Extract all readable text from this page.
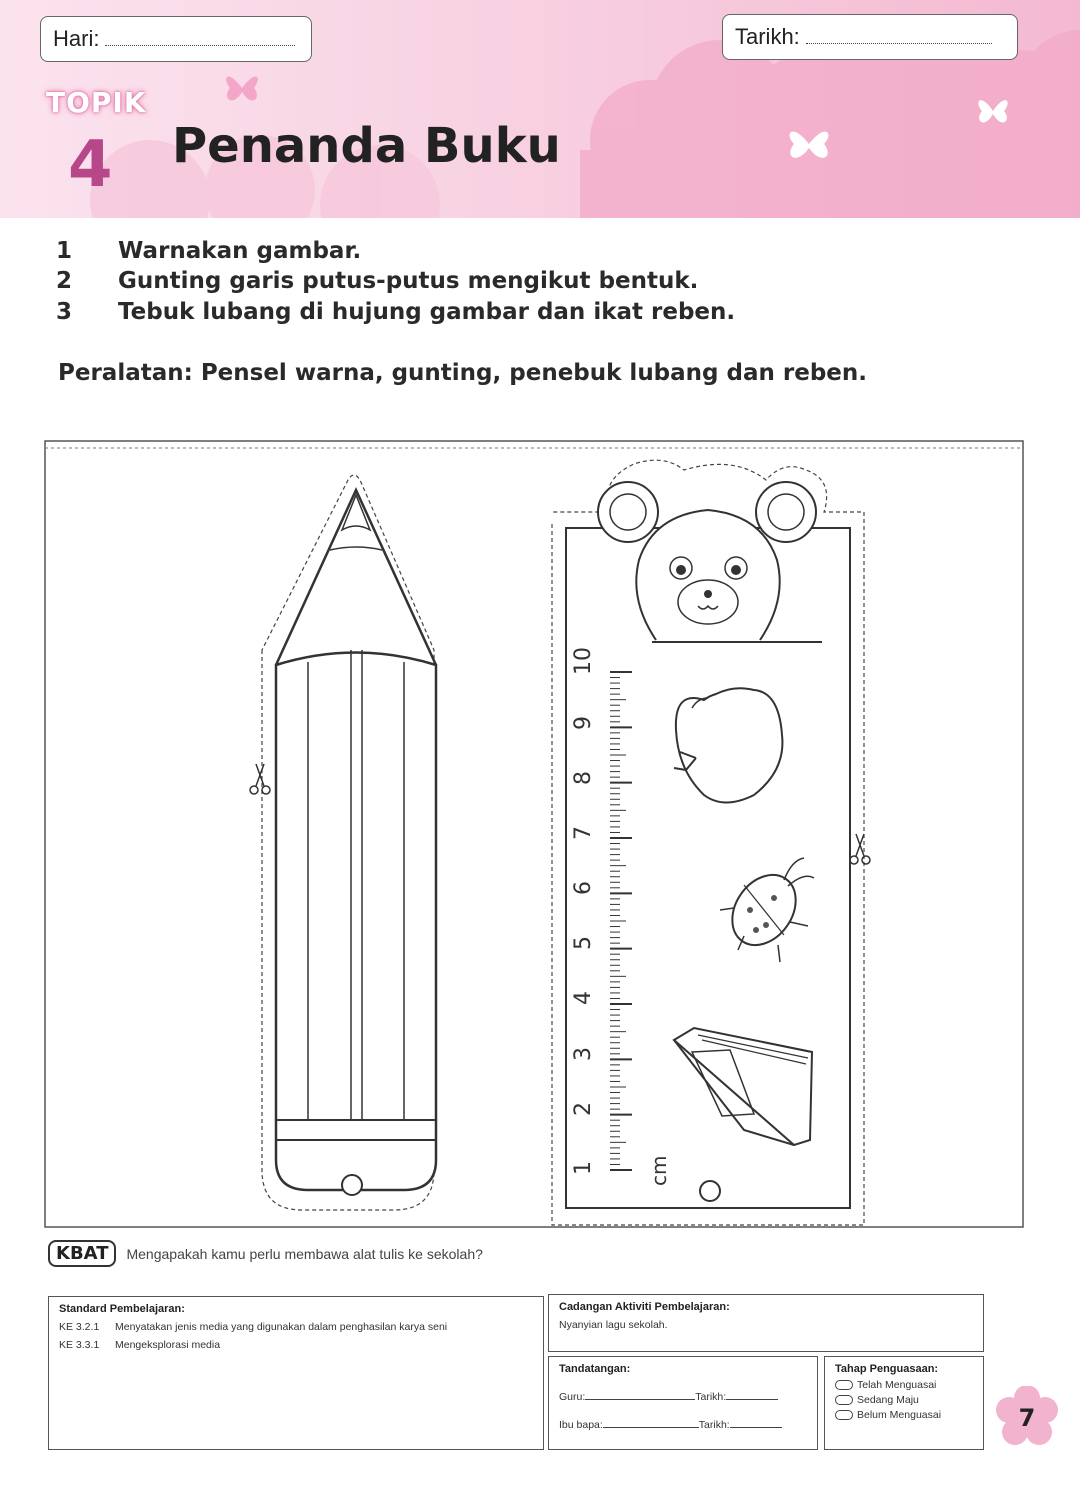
Hari:	Tarikh:
TOPIK
4 Penanda Buku
1 Warnakan gambar.
2 Gunting garis putus-putus mengikut bentuk.
3 Tebuk lubang di hujung gambar dan ikat reben.
Peralatan: Pensel warna, gunting, penebuk lubang dan reben.
2
3
4
5
6
7
8
9
10
1	cm
KBAT	Mengapakah kamu perlu membawa alat tulis ke sekolah?
Standard Pembelajaran:
KE 3.2.1 Menyatakan jenis media yang digunakan dalam penghasilan karya seni
KE 3.3.1 Mengeksplorasi media
Cadangan Aktiviti Pembelajaran:
Nyanyian lagu sekolah.
Tandatangan:
Guru:	Tarikh:
Ibu bapa:	Tarikh:
Tahap Penguasaan:
Telah Menguasai
Sedang Maju
Belum Menguasai	7
